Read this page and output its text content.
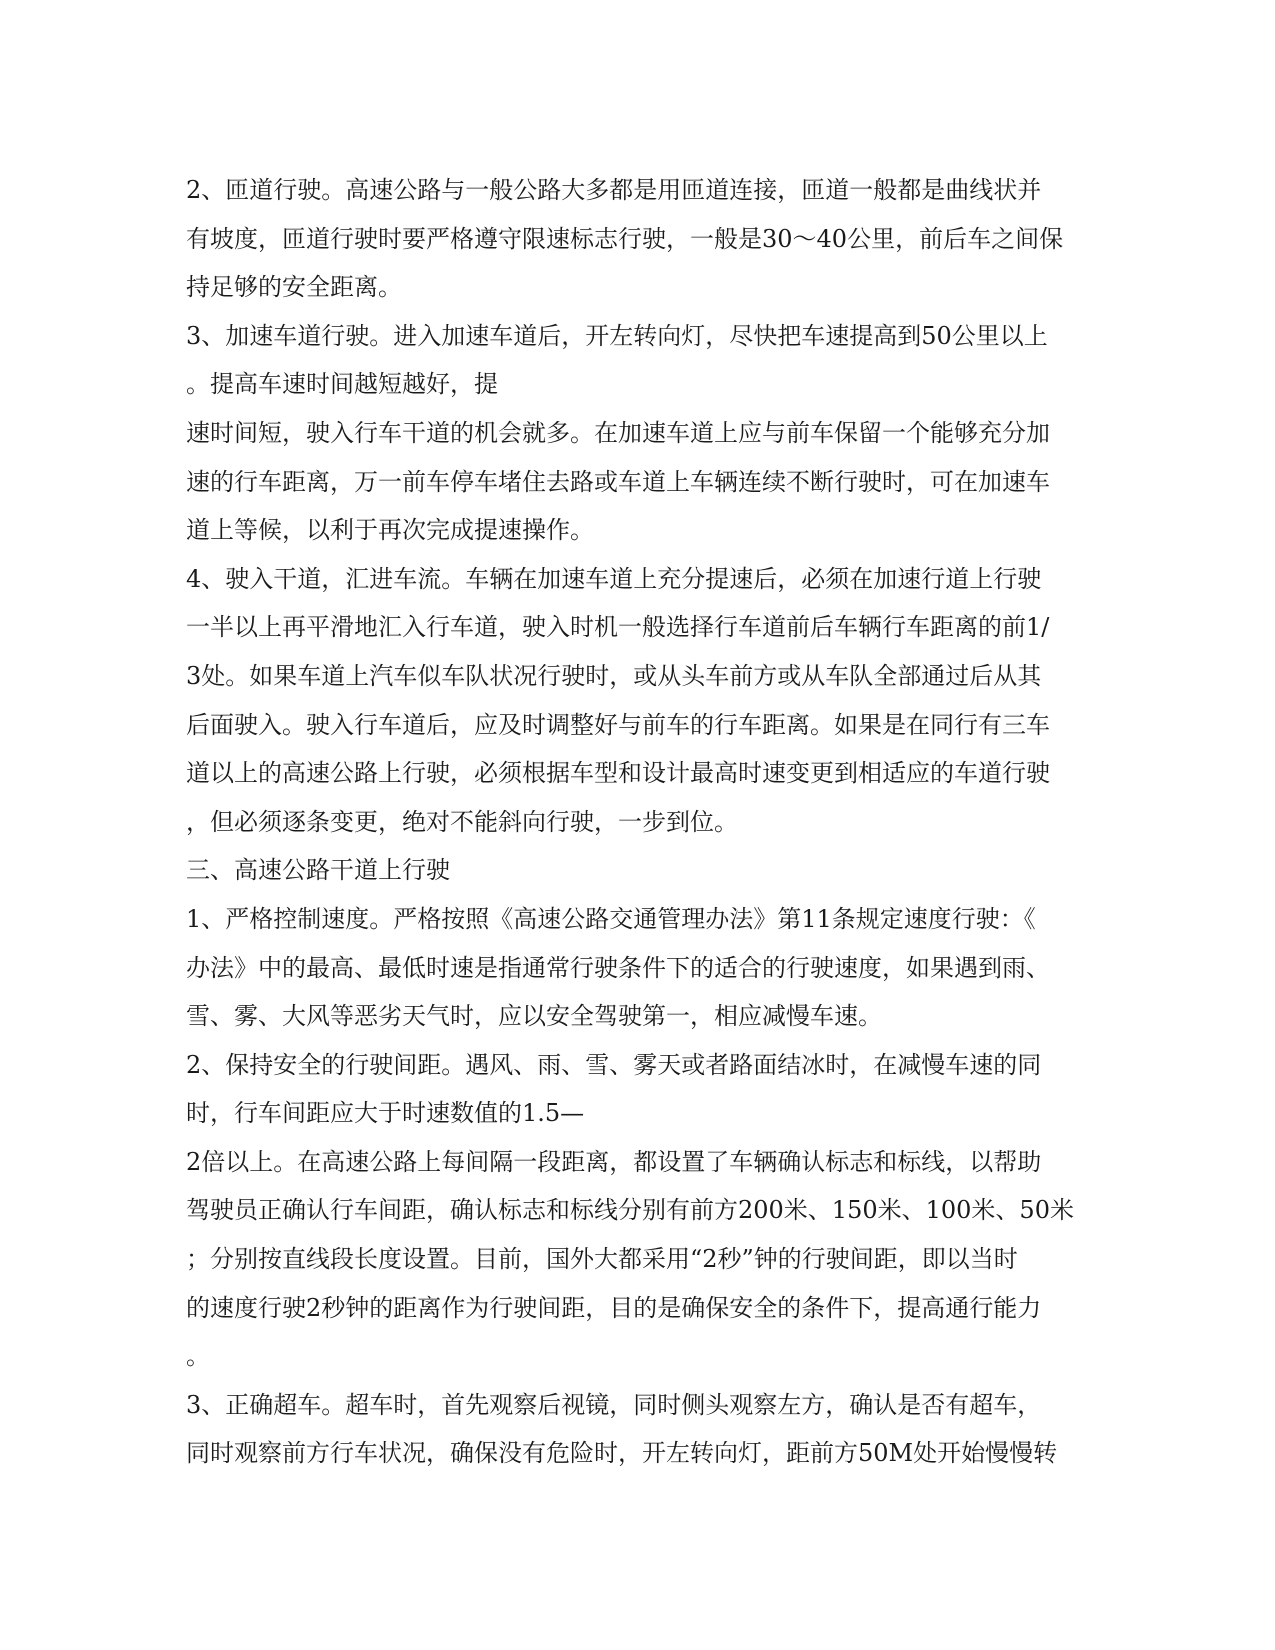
2、匝道行驶。高速公路与一般公路大多都是用匝道连接，匝道一般都是曲线状并
有坡度，匝道行驶时要严格遵守限速标志行驶，一般是30～40公里，前后车之间保
持足够的安全距离。
3、加速车道行驶。进入加速车道后，开左转向灯，尽快把车速提高到50公里以上
。提高车速时间越短越好，提
速时间短，驶入行车干道的机会就多。在加速车道上应与前车保留一个能够充分加
速的行车距离，万一前车停车堵住去路或车道上车辆连续不断行驶时，可在加速车
道上等候，以利于再次完成提速操作。
4、驶入干道，汇进车流。车辆在加速车道上充分提速后，必须在加速行道上行驶
一半以上再平滑地汇入行车道，驶入时机一般选择行车道前后车辆行车距离的前1/
3处。如果车道上汽车似车队状况行驶时，或从头车前方或从车队全部通过后从其
后面驶入。驶入行车道后，应及时调整好与前车的行车距离。如果是在同行有三车
道以上的高速公路上行驶，必须根据车型和设计最高时速变更到相适应的车道行驶
，但必须逐条变更，绝对不能斜向行驶，一步到位。
三、高速公路干道上行驶
1、严格控制速度。严格按照《高速公路交通管理办法》第11条规定速度行驶：《
办法》中的最高、最低时速是指通常行驶条件下的适合的行驶速度，如果遇到雨、
雪、雾、大风等恶劣天气时，应以安全驾驶第一，相应减慢车速。
2、保持安全的行驶间距。遇风、雨、雪、雾天或者路面结冰时，在减慢车速的同
时，行车间距应大于时速数值的1.5—
2倍以上。在高速公路上每间隔一段距离，都设置了车辆确认标志和标线，以帮助
驾驶员正确认行车间距，确认标志和标线分别有前方200米、150米、100米、50米
；分别按直线段长度设置。目前，国外大都采用“2秒”钟的行驶间距，即以当时
的速度行驶2秒钟的距离作为行驶间距，目的是确保安全的条件下，提高通行能力
。
3、正确超车。超车时，首先观察后视镜，同时侧头观察左方，确认是否有超车，
同时观察前方行车状况，确保没有危险时，开左转向灯，距前方50M处开始慢慢转
